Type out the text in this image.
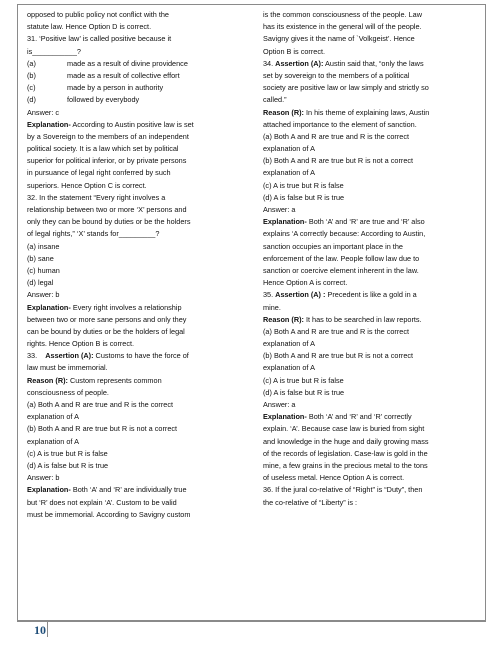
opposed to public policy not conflict with the
statute law. Hence Option D is correct.
31. ‘Positive law’ is called positive because it
is___________?
(a)	made as a result of divine providence
(b)	made as a result of collective effort
(c)	made by a person in authority
(d)	followed by everybody
Answer: c
Explanation- According to Austin positive law is set
by a Sovereign to the members of an independent
political society. It is a law which set by political
superior for political inferior, or by private persons
in pursuance of legal right conferred by such
superiors. Hence Option C is correct.
32. In the statement “Every right involves a
relationship between two or more ‘X’ persons and
only they can be bound by duties or be the holders
of legal rights,” ‘X’ stands for_________?
(a) insane
(b) sane
(c) human
(d) legal
Answer: b
Explanation- Every right involves a relationship
between two or more sane persons and only they
can be bound by duties or be the holders of legal
rights. Hence Option B is correct.
33. Assertion (A): Customs to have the force of
law must be immemorial.
Reason (R): Custom represents common
consciousness of people.
(a) Both A and R are true and R is the correct
explanation of A
(b) Both A and R are true but R is not a correct
explanation of A
(c) A is true but R is false
(d) A is false but R is true
Answer: b
Explanation- Both ‘A’ and ‘R’ are individually true
but ‘R’ does not explain ‘A’. Custom to be valid
must be immemorial. According to Savigny custom
is the common consciousness of the people. Law
has its existence in the general will of the people.
Savigny gives it the name of `Volkgeist’. Hence
Option B is correct.
34. Assertion (A): Austin said that, “only the laws
set by sovereign to the members of a political
society are positive law or law simply and strictly so
called.”
Reason (R): In his theme of explaining laws, Austin
attached importance to the element of sanction.
(a) Both A and R are true and R is the correct
explanation of A
(b) Both A and R are true but R is not a correct
explanation of A
(c) A is true but R is false
(d) A is false but R is true
Answer: a
Explanation- Both ‘A’ and ‘R’ are true and ‘R’ also
explains ‘A correctly because: According to Austin,
sanction occupies an important place in the
enforcement of the law. People follow law due to
sanction or coercive element inherent in the law.
Hence Option A is correct.
35. Assertion (A) : Precedent is like a gold in a
mine.
Reason (R): It has to be searched in law reports.
(a) Both A and R are true and R is the correct
explanation of A
(b) Both A and R are true but R is not a correct
explanation of A
(c) A is true but R is false
(d) A is false but R is true
Answer: a
Explanation- Both ‘A’ and ‘R’ and ‘R’ correctly
explain. ‘A’. Because case law is buried from sight
and knowledge in the huge and daily growing mass
of the records of legislation. Case-law is gold in the
mine, a few grains in the precious metal to the tons
of useless metal. Hence Option A is correct.
36. If the jural co-relative of “Right” is “Duty”, then
the co-relative of “Liberty” is :
10
